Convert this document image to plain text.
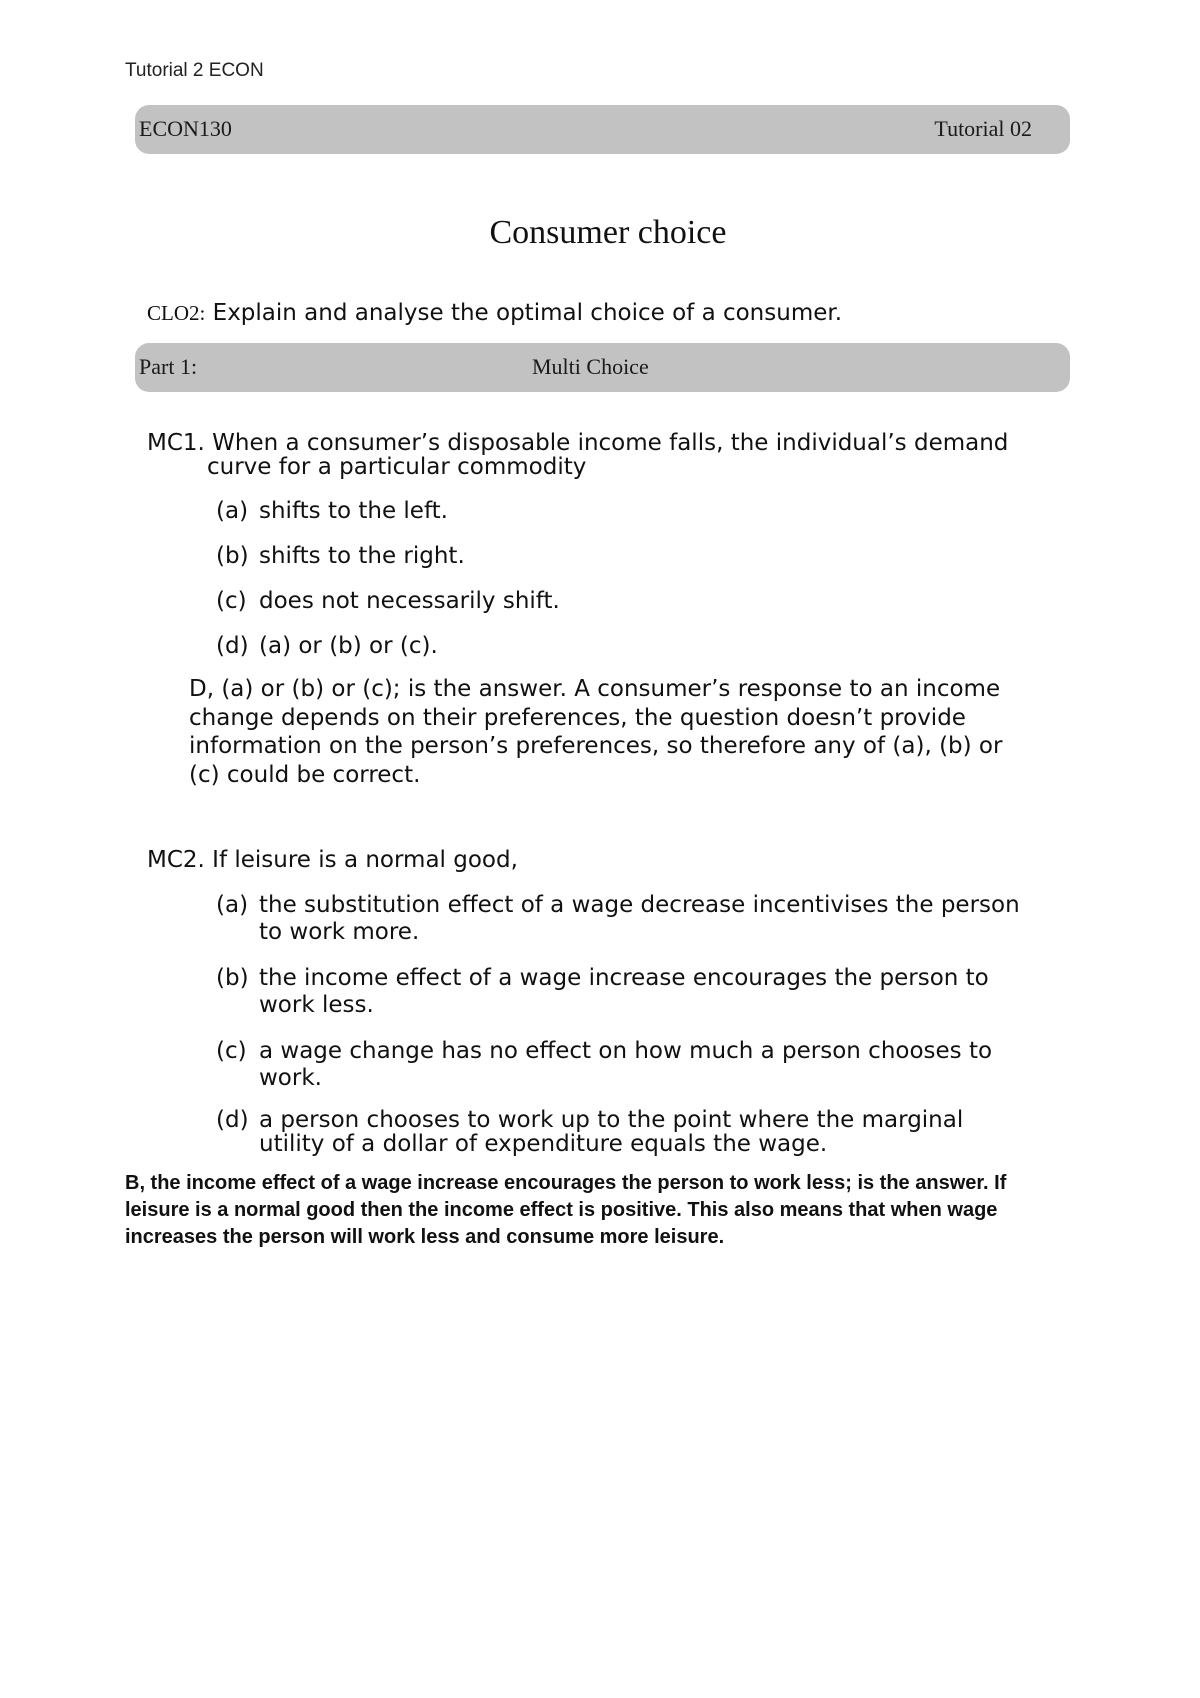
Tutorial 2 ECON
ECON130	Tutorial 02
Consumer choice
CLO2: Explain and analyse the optimal choice of a consumer.
Part 1:	Multi Choice
MC1. When a consumer’s disposable income falls, the individual’s demand
curve for a particular commodity
(a) shifts to the left.
(b) shifts to the right.
(c) does not necessarily shift.
(d) (a) or (b) or (c).
D, (a) or (b) or (c); is the answer. A consumer’s response to an income
change depends on their preferences, the question doesn’t provide
information on the person’s preferences, so therefore any of (a), (b) or
(c) could be correct.
MC2. If leisure is a normal good,
(a) the substitution effect of a wage decrease incentivises the person
to work more.
(b) the income effect of a wage increase encourages the person to
work less.
(c) a wage change has no effect on how much a person chooses to
work.
(d) a person chooses to work up to the point where the marginal
utility of a dollar of expenditure equals the wage.
B, the income effect of a wage increase encourages the person to work less; is the answer. If
leisure is a normal good then the income effect is positive. This also means that when wage
increases the person will work less and consume more leisure.
